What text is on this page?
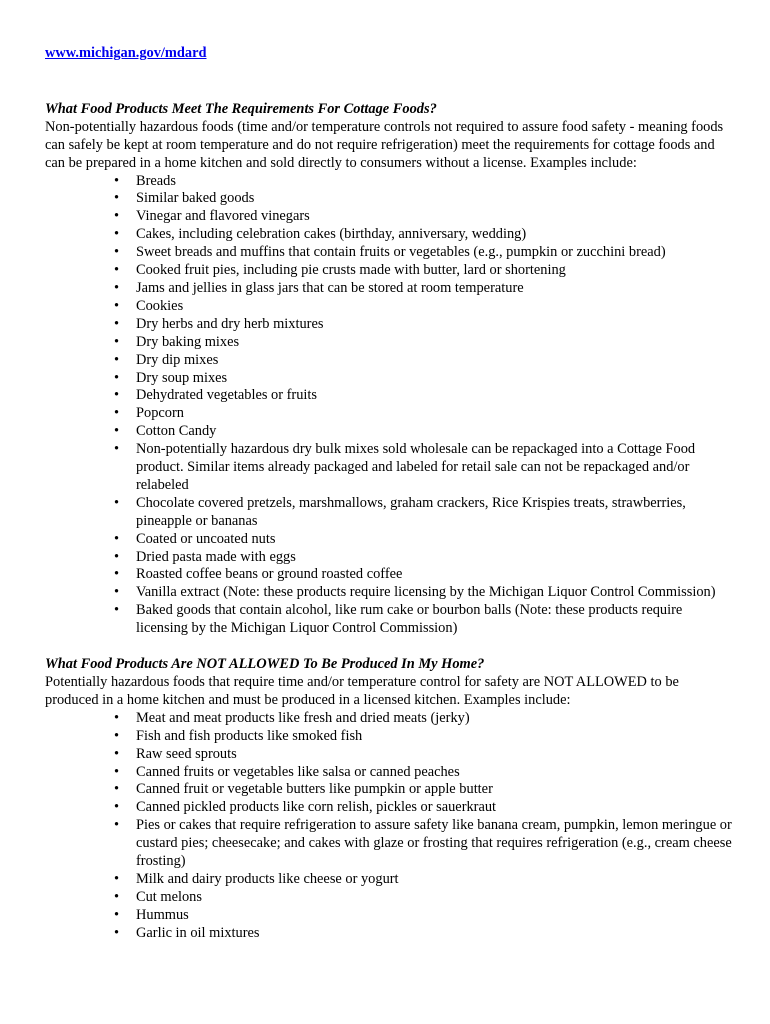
www.michigan.gov/mdard
What Food Products Meet The Requirements For Cottage Foods?

Non-potentially hazardous foods (time and/or temperature controls not required to assure food safety - meaning foods can safely be kept at room temperature and do not require refrigeration) meet the requirements for cottage foods and can be prepared in a home kitchen and sold directly to consumers without a license. Examples include:

• Breads
• Similar baked goods
• Vinegar and flavored vinegars
• Cakes, including celebration cakes (birthday, anniversary, wedding)
• Sweet breads and muffins that contain fruits or vegetables (e.g., pumpkin or zucchini bread)
• Cooked fruit pies, including pie crusts made with butter, lard or shortening
• Jams and jellies in glass jars that can be stored at room temperature
• Cookies
• Dry herbs and dry herb mixtures
• Dry baking mixes
• Dry dip mixes
• Dry soup mixes
• Dehydrated vegetables or fruits
• Popcorn
• Cotton Candy
• Non-potentially hazardous dry bulk mixes sold wholesale can be repackaged into a Cottage Food product. Similar items already packaged and labeled for retail sale can not be repackaged and/or relabeled
• Chocolate covered pretzels, marshmallows, graham crackers, Rice Krispies treats, strawberries, pineapple or bananas
• Coated or uncoated nuts
• Dried pasta made with eggs
• Roasted coffee beans or ground roasted coffee
• Vanilla extract (Note: these products require licensing by the Michigan Liquor Control Commission)
• Baked goods that contain alcohol, like rum cake or bourbon balls (Note: these products require licensing by the Michigan Liquor Control Commission)
What Food Products Are NOT ALLOWED To Be Produced In My Home?

Potentially hazardous foods that require time and/or temperature control for safety are NOT ALLOWED to be produced in a home kitchen and must be produced in a licensed kitchen. Examples include:

• Meat and meat products like fresh and dried meats (jerky)
• Fish and fish products like smoked fish
• Raw seed sprouts
• Canned fruits or vegetables like salsa or canned peaches
• Canned fruit or vegetable butters like pumpkin or apple butter
• Canned pickled products like corn relish, pickles or sauerkraut
• Pies or cakes that require refrigeration to assure safety like banana cream, pumpkin, lemon meringue or custard pies; cheesecake; and cakes with glaze or frosting that requires refrigeration (e.g., cream cheese frosting)
• Milk and dairy products like cheese or yogurt
• Cut melons
• Hummus
• Garlic in oil mixtures
